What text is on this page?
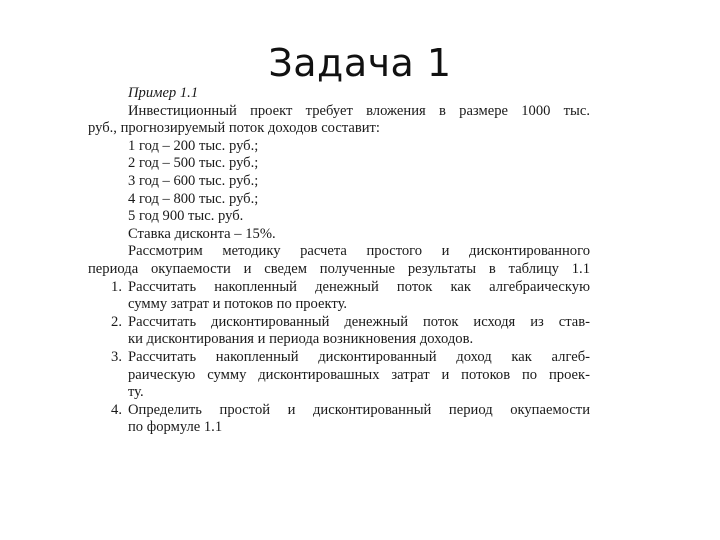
Задача 1
Пример 1.1
Инвестиционный проект требует вложения в размере 1000 тыс.
руб., прогнозируемый поток доходов составит:
1 год – 200 тыс. руб.;
2 год – 500 тыс. руб.;
3 год – 600 тыс. руб.;
4 год – 800 тыс. руб.;
5 год 900 тыс. руб.
Ставка дисконта – 15%.
Рассмотрим методику расчета простого и дисконтированного
периода окупаемости и сведем полученные результаты в таблицу 1.1
1. Рассчитать накопленный денежный поток как алгебраическую
сумму затрат и потоков по проекту.
2. Рассчитать дисконтированный денежный поток исходя из став-
ки дисконтирования и периода возникновения доходов.
3. Рассчитать накопленный дисконтированный доход как алгеб-
раическую сумму дисконтировашных затрат и потоков по проек-
ту.
4. Определить простой и дисконтированный период окупаемости
по формуле 1.1
